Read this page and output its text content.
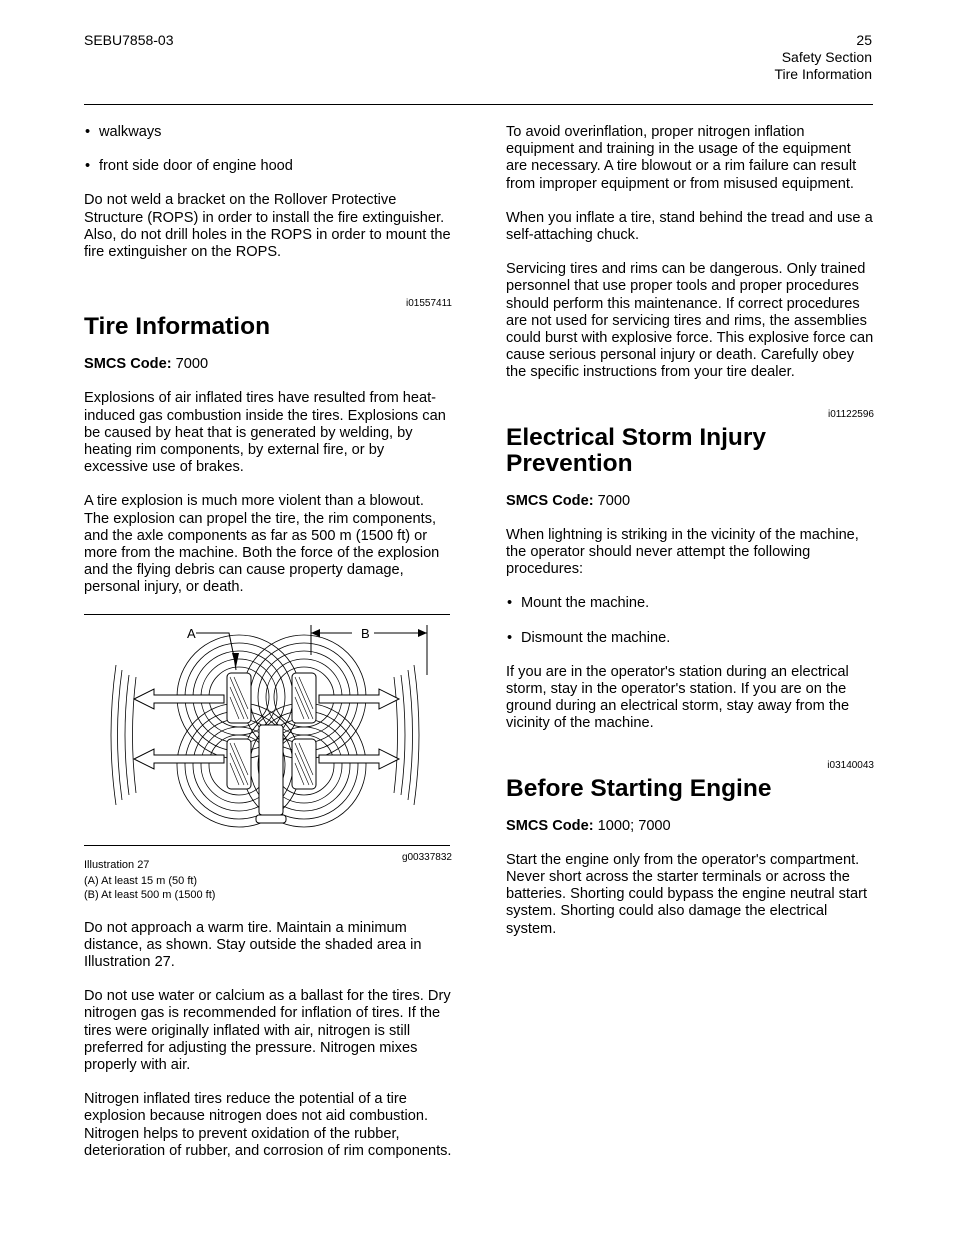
SEBU7858-03	25
Safety Section
Tire Information
• walkways
• front side door of engine hood

Do not weld a bracket on the Rollover Protective Structure (ROPS) in order to install the fire extinguisher. Also, do not drill holes in the ROPS in order to mount the fire extinguisher on the ROPS.

i01557411
Tire Information
SMCS Code: 7000

Explosions of air inflated tires have resulted from heat-induced gas combustion inside the tires. Explosions can be caused by heat that is generated by welding, by heating rim components, by external fire, or by excessive use of brakes.

A tire explosion is much more violent than a blowout. The explosion can propel the tire, the rim components, and the axle components as far as 500 m (1500 ft) or more from the machine. Both the force of the explosion and the flying debris can cause property damage, personal injury, or death.

A	B
Illustration 27
g00337832
(A) At least 15 m (50 ft)
(B) At least 500 m (1500 ft)

Do not approach a warm tire. Maintain a minimum distance, as shown. Stay outside the shaded area in Illustration 27.

Do not use water or calcium as a ballast for the tires. Dry nitrogen gas is recommended for inflation of tires. If the tires were originally inflated with air, nitrogen is still preferred for adjusting the pressure. Nitrogen mixes properly with air.

Nitrogen inflated tires reduce the potential of a tire explosion because nitrogen does not aid combustion. Nitrogen helps to prevent oxidation of the rubber, deterioration of rubber, and corrosion of rim components.

To avoid overinflation, proper nitrogen inflation equipment and training in the usage of the equipment are necessary. A tire blowout or a rim failure can result from improper equipment or from misused equipment.

When you inflate a tire, stand behind the tread and use a self-attaching chuck.

Servicing tires and rims can be dangerous. Only trained personnel that use proper tools and proper procedures should perform this maintenance. If correct procedures are not used for servicing tires and rims, the assemblies could burst with explosive force. This explosive force can cause serious personal injury or death. Carefully obey the specific instructions from your tire dealer.

i01122596
Electrical Storm Injury Prevention
SMCS Code: 7000

When lightning is striking in the vicinity of the machine, the operator should never attempt the following procedures:

• Mount the machine.
• Dismount the machine.

If you are in the operator's station during an electrical storm, stay in the operator's station. If you are on the ground during an electrical storm, stay away from the vicinity of the machine.

i03140043
Before Starting Engine
SMCS Code: 1000; 7000

Start the engine only from the operator's compartment. Never short across the starter terminals or across the batteries. Shorting could bypass the engine neutral start system. Shorting could also damage the electrical system.
